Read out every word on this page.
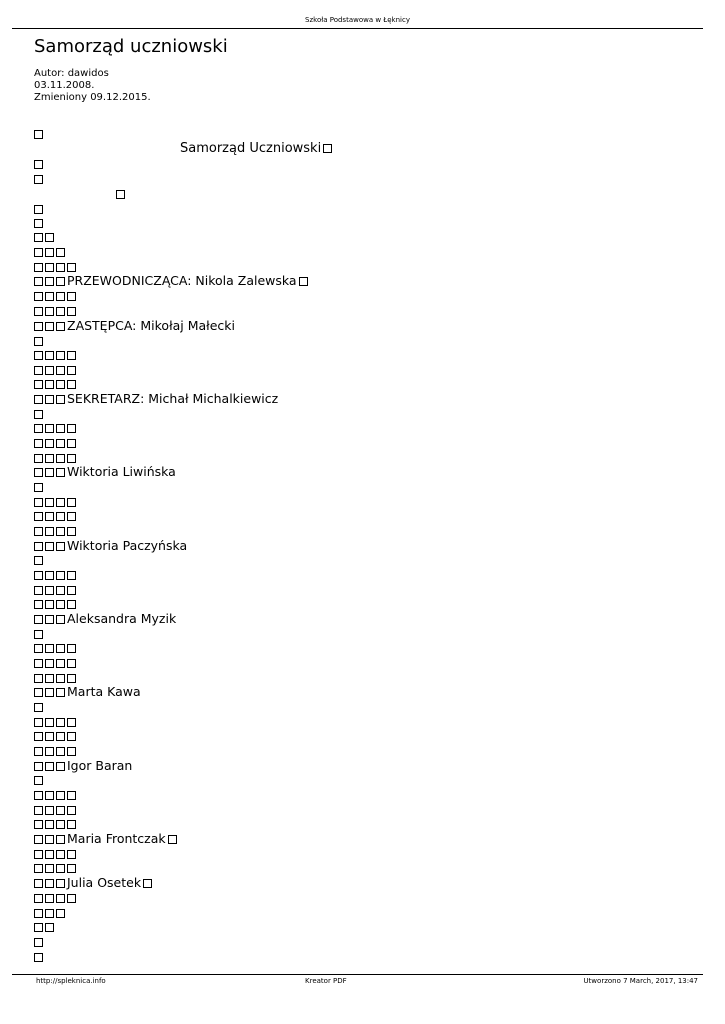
Szkoła Podstawowa w Łęknicy
Samorząd uczniowski
Autor: dawidos
03.11.2008.
Zmieniony 09.12.2015.
Samorząd Uczniowski
PRZEWODNICZĄCA: Nikola Zalewska
ZASTĘPCA: Mikołaj Małecki
SEKRETARZ: Michał Michalkiewicz
Wiktoria Liwińska
Wiktoria Paczyńska
Aleksandra Myzik
Marta Kawa
Igor Baran
Maria Frontczak
Julia Osetek
http://spleknica.info	Kreator PDF	Utworzono 7 March, 2017, 13:47
